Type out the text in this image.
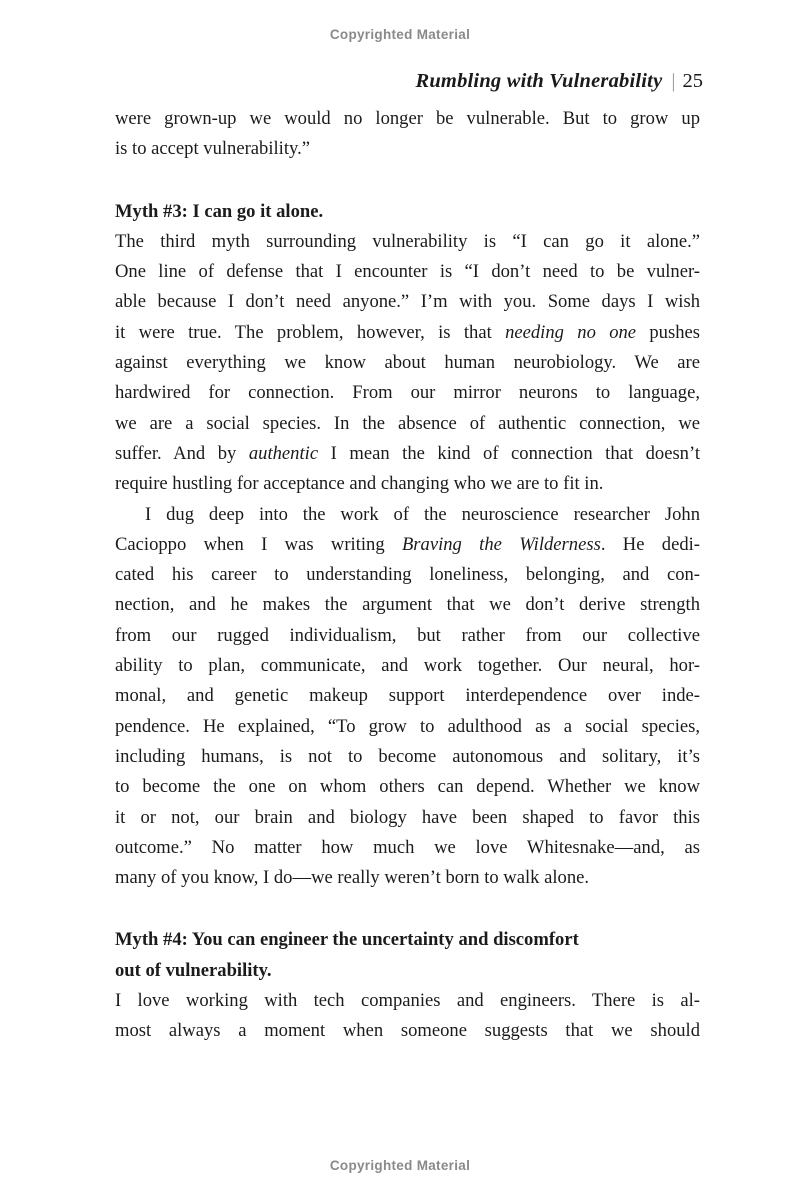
Copyrighted Material
Rumbling with Vulnerability | 25
were grown-up we would no longer be vulnerable. But to grow up
is to accept vulnerability.”
Myth #3: I can go it alone.
The third myth surrounding vulnerability is “I can go it alone.”
One line of defense that I encounter is “I don’t need to be vulner-
able because I don’t need anyone.” I’m with you. Some days I wish
it were true. The problem, however, is that needing no one pushes
against everything we know about human neurobiology. We are
hardwired for connection. From our mirror neurons to language,
we are a social species. In the absence of authentic connection, we
suffer. And by authentic I mean the kind of connection that doesn’t
require hustling for acceptance and changing who we are to fit in.
I dug deep into the work of the neuroscience researcher John
Cacioppo when I was writing Braving the Wilderness. He dedi-
cated his career to understanding loneliness, belonging, and con-
nection, and he makes the argument that we don’t derive strength
from our rugged individualism, but rather from our collective
ability to plan, communicate, and work together. Our neural, hor-
monal, and genetic makeup support interdependence over inde-
pendence. He explained, “To grow to adulthood as a social species,
including humans, is not to become autonomous and solitary, it’s
to become the one on whom others can depend. Whether we know
it or not, our brain and biology have been shaped to favor this
outcome.” No matter how much we love Whitesnake—and, as
many of you know, I do—we really weren’t born to walk alone.
Myth #4: You can engineer the uncertainty and discomfort
out of vulnerability.
I love working with tech companies and engineers. There is al-
most always a moment when someone suggests that we should
Copyrighted Material
